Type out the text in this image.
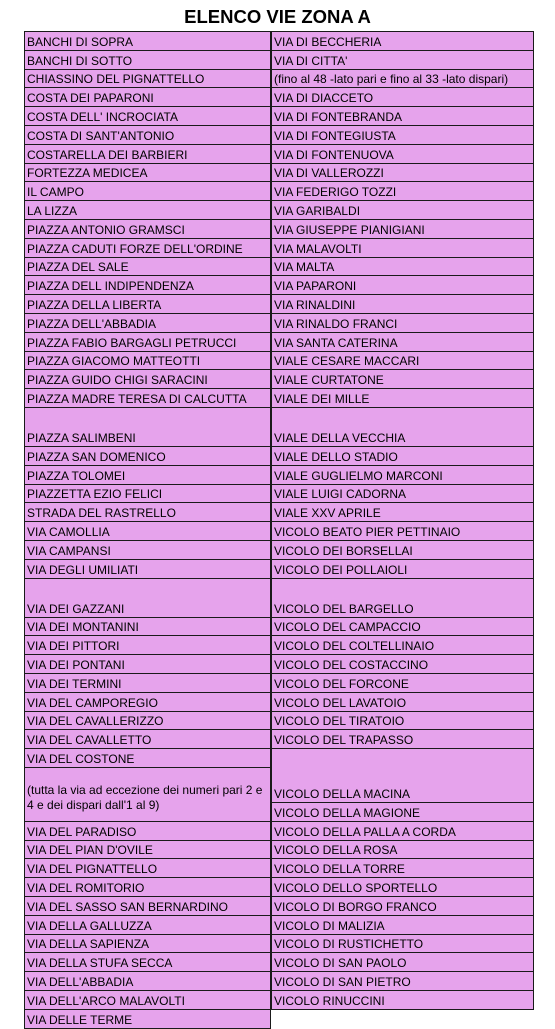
ELENCO VIE ZONA A
BANCHI DI SOPRA
BANCHI DI SOTTO
CHIASSINO DEL PIGNATTELLO
COSTA DEI PAPARONI
COSTA DELL' INCROCIATA
COSTA DI SANT'ANTONIO
COSTARELLA DEI BARBIERI
FORTEZZA MEDICEA
IL CAMPO
LA LIZZA
PIAZZA ANTONIO GRAMSCI
PIAZZA CADUTI FORZE DELL'ORDINE
PIAZZA DEL SALE
PIAZZA DELL INDIPENDENZA
PIAZZA DELLA LIBERTA
PIAZZA DELL'ABBADIA
PIAZZA FABIO BARGAGLI PETRUCCI
PIAZZA GIACOMO MATTEOTTI
PIAZZA GUIDO CHIGI SARACINI
PIAZZA MADRE TERESA DI CALCUTTA
PIAZZA SALIMBENI
PIAZZA SAN DOMENICO
PIAZZA TOLOMEI
PIAZZETTA EZIO FELICI
STRADA DEL RASTRELLO
VIA CAMOLLIA
VIA CAMPANSI
VIA DEGLI UMILIATI
VIA DEI GAZZANI
VIA DEI MONTANINI
VIA DEI PITTORI
VIA DEI PONTANI
VIA DEI TERMINI
VIA DEL CAMPOREGIO
VIA DEL CAVALLERIZZO
VIA DEL CAVALLETTO
VIA DEL COSTONE
(tutta la via ad eccezione dei numeri pari 2 e 4 e dei dispari dall'1 al 9)
VIA DEL PARADISO
VIA DEL PIAN D'OVILE
VIA DEL PIGNATTELLO
VIA DEL ROMITORIO
VIA DEL SASSO SAN BERNARDINO
VIA DELLA GALLUZZA
VIA DELLA SAPIENZA
VIA DELLA STUFA SECCA
VIA DELL'ABBADIA
VIA DELL'ARCO MALAVOLTI
VIA DELLE TERME
VIA DI BECCHERIA
VIA DI CITTA'
(fino al 48 -lato pari e fino al 33 -lato dispari)
VIA DI DIACCETO
VIA DI FONTEBRANDA
VIA DI FONTEGIUSTA
VIA DI FONTENUOVA
VIA DI VALLEROZZI
VIA FEDERIGO TOZZI
VIA GARIBALDI
VIA GIUSEPPE PIANIGIANI
VIA MALAVOLTI
VIA MALTA
VIA PAPARONI
VIA RINALDINI
VIA RINALDO FRANCI
VIA SANTA CATERINA
VIALE CESARE MACCARI
VIALE CURTATONE
VIALE DEI MILLE
VIALE DELLA VECCHIA
VIALE DELLO STADIO
VIALE GUGLIELMO MARCONI
VIALE LUIGI CADORNA
VIALE XXV APRILE
VICOLO BEATO PIER PETTINAIO
VICOLO DEI BORSELLAI
VICOLO DEI POLLAIOLI
VICOLO DEL BARGELLO
VICOLO DEL CAMPACCIO
VICOLO DEL COLTELLINAIO
VICOLO DEL COSTACCINO
VICOLO DEL FORCONE
VICOLO DEL LAVATOIO
VICOLO DEL TIRATOIO
VICOLO DEL TRAPASSO
VICOLO DELLA MACINA
VICOLO DELLA MAGIONE
VICOLO DELLA PALLA A CORDA
VICOLO DELLA ROSA
VICOLO DELLA TORRE
VICOLO DELLO SPORTELLO
VICOLO DI BORGO FRANCO
VICOLO DI MALIZIA
VICOLO DI RUSTICHETTO
VICOLO DI SAN PAOLO
VICOLO DI SAN PIETRO
VICOLO RINUCCINI
